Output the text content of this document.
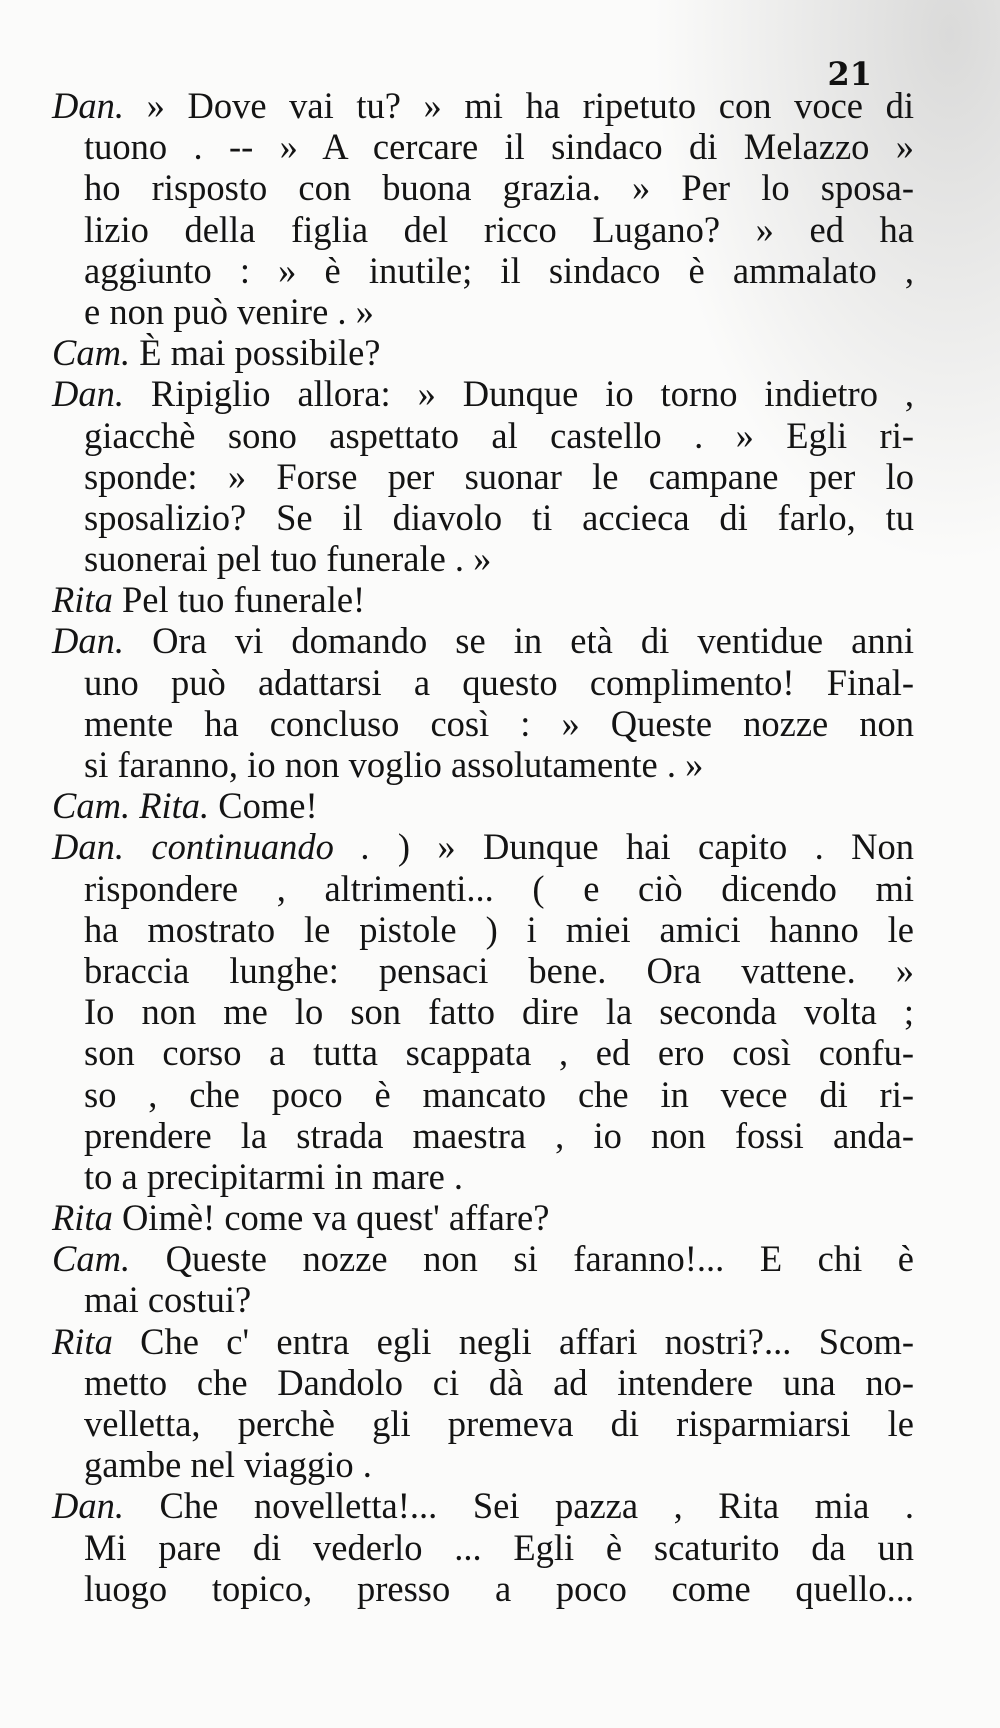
21
Dan. » Dove vai tu? » mi ha ripetuto con voce di
tuono . -- » A cercare il sindaco di Melazzo »
ho risposto con buona grazia. » Per lo sposa-
lizio della figlia del ricco Lugano? » ed ha
aggiunto : » è inutile; il sindaco è ammalato ,
e non può venire . »
Cam. È mai possibile?
Dan. Ripiglio allora: » Dunque io torno indietro ,
giacchè sono aspettato al castello . » Egli ri-
sponde: » Forse per suonar le campane per lo
sposalizio? Se il diavolo ti accieca di farlo, tu
suonerai pel tuo funerale . »
Rita Pel tuo funerale!
Dan. Ora vi domando se in età di ventidue anni
uno può adattarsi a questo complimento! Final-
mente ha concluso così : » Queste nozze non
si faranno, io non voglio assolutamente . »
Cam. Rita. Come!
Dan. continuando . ) » Dunque hai capito . Non
rispondere , altrimenti... ( e ciò dicendo mi
ha mostrato le pistole ) i miei amici hanno le
braccia lunghe: pensaci bene. Ora vattene. »
Io non me lo son fatto dire la seconda volta ;
son corso a tutta scappata , ed ero così confu-
so , che poco è mancato che in vece di ri-
prendere la strada maestra , io non fossi anda-
to a precipitarmi in mare .
Rita Oimè! come va quest' affare?
Cam. Queste nozze non si faranno!... E chi è
mai costui?
Rita Che c' entra egli negli affari nostri?... Scom-
metto che Dandolo ci dà ad intendere una no-
velletta, perchè gli premeva di risparmiarsi le
gambe nel viaggio .
Dan. Che novelletta!... Sei pazza , Rita mia .
Mi pare di vederlo ... Egli è scaturito da un
luogo topico, presso a poco come quello...
